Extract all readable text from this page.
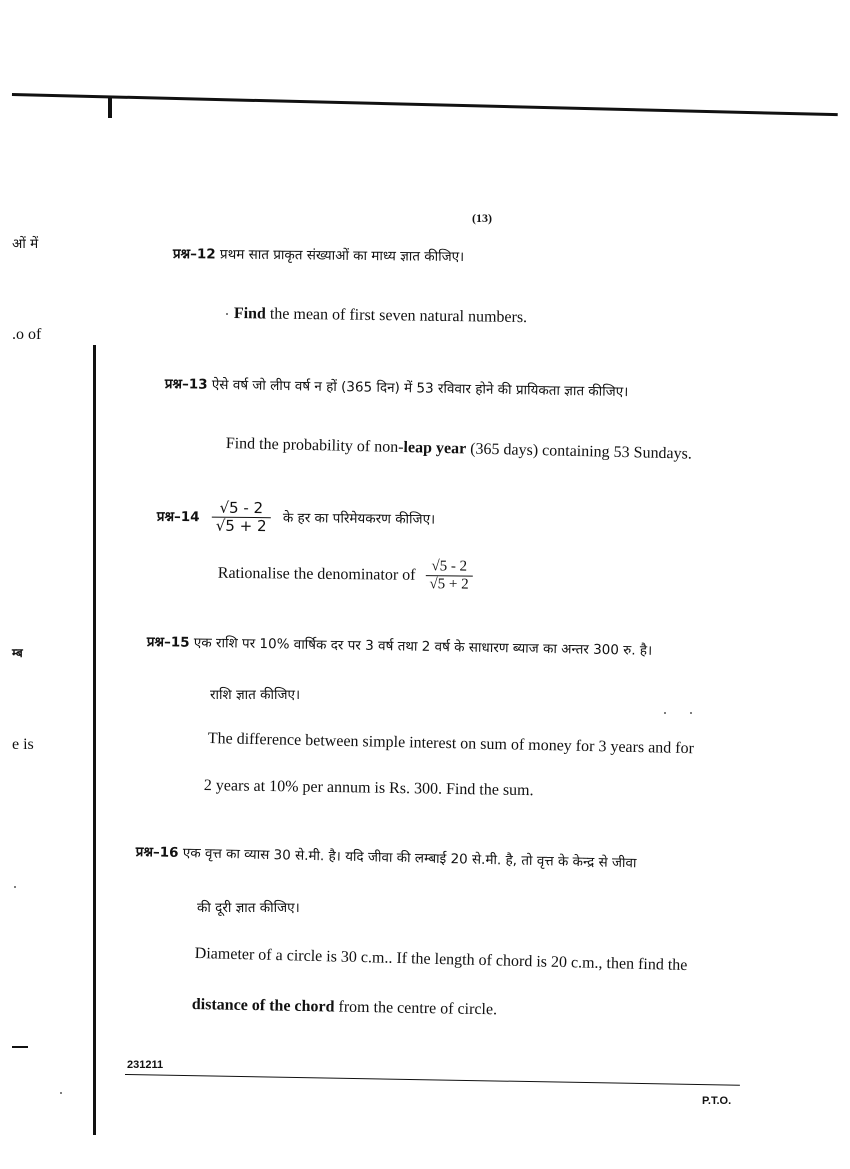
ओं में
.o of
म्ब
e is
(13)
प्रश्न–12 प्रथम सात प्राकृत संख्याओं का माध्य ज्ञात कीजिए।
Find the mean of first seven natural numbers.
प्रश्न–13 ऐसे वर्ष जो लीप वर्ष न हों (365 दिन) में 53 रविवार होने की प्रायिकता ज्ञात कीजिए।
Find the probability of non-leap year (365 days) containing 53 Sundays.
प्रश्न–14 $\frac{√5 - 2}{√5 + 2}$ के हर का परिमेयकरण कीजिए।
Rationalise the denominator of $\frac{√5 - 2}{√5 + 2}$
प्रश्न–15 एक राशि पर 10% वार्षिक दर पर 3 वर्ष तथा 2 वर्ष के साधारण ब्याज का अन्तर 300 रु. है।
राशि ज्ञात कीजिए।
The difference between simple interest on sum of money for 3 years and for
2 years at 10% per annum is Rs. 300. Find the sum.
प्रश्न–16 एक वृत्त का व्यास 30 से.मी. है। यदि जीवा की लम्बाई 20 से.मी. है, तो वृत्त के केन्द्र से जीवा
की दूरी ज्ञात कीजिए।
Diameter of a circle is 30 c.m.. If the length of chord is 20 c.m., then find the
distance of the chord from the centre of circle.
231211
P.T.O.
